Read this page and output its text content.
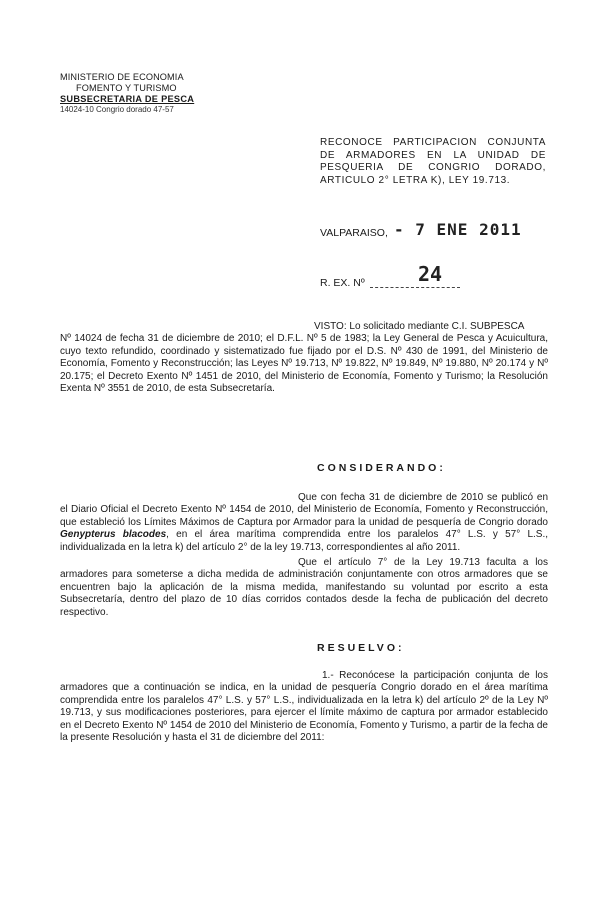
MINISTERIO DE ECONOMIA
FOMENTO Y TURISMO
SUBSECRETARIA DE PESCA
14024-10 Congrio dorado 47-57
RECONOCE PARTICIPACION CONJUNTA DE ARMADORES EN LA UNIDAD DE PESQUERIA DE CONGRIO DORADO, ARTICULO 2° LETRA K), LEY 19.713.
VALPARAISO, - 7 ENE 2011
R. EX. Nº	24
VISTO: Lo solicitado mediante C.I. SUBPESCA
Nº 14024 de fecha 31 de diciembre de 2010; el D.F.L. Nº 5 de 1983; la Ley General de Pesca y Acuicultura, cuyo texto refundido, coordinado y sistematizado fue fijado por el D.S. Nº 430 de 1991, del Ministerio de Economía, Fomento y Reconstrucción; las Leyes Nº 19.713, Nº 19.822, Nº 19.849, Nº 19.880, Nº 20.174 y Nº 20.175; el Decreto Exento Nº 1451 de 2010, del Ministerio de Economía, Fomento y Turismo; la Resolución Exenta Nº 3551 de 2010, de esta Subsecretaría.
CONSIDERANDO:

Que con fecha 31 de diciembre de 2010 se publicó en el Diario Oficial el Decreto Exento Nº 1454 de 2010, del Ministerio de Economía, Fomento y Reconstrucción, que estableció los Límites Máximos de Captura por Armador para la unidad de pesquería de Congrio dorado Genypterus blacodes, en el área marítima comprendida entre los paralelos 47° L.S. y 57° L.S., individualizada en la letra k) del artículo 2° de la ley 19.713, correspondientes al año 2011.

Que el artículo 7° de la Ley 19.713 faculta a los armadores para someterse a dicha medida de administración conjuntamente con otros armadores que se encuentren bajo la aplicación de la misma medida, manifestando su voluntad por escrito a esta Subsecretaría, dentro del plazo de 10 días corridos contados desde la fecha de publicación del decreto respectivo.

RESUELVO:

1.- Reconócese la participación conjunta de los armadores que a continuación se indica, en la unidad de pesquería Congrio dorado en el área marítima comprendida entre los paralelos 47° L.S. y 57° L.S., individualizada en la letra k) del artículo 2º de la Ley Nº 19.713, y sus modificaciones posteriores, para ejercer el límite máximo de captura por armador establecido en el Decreto Exento Nº 1454 de 2010 del Ministerio de Economía, Fomento y Turismo, a partir de la fecha de la presente Resolución y hasta el 31 de diciembre del 2011:
